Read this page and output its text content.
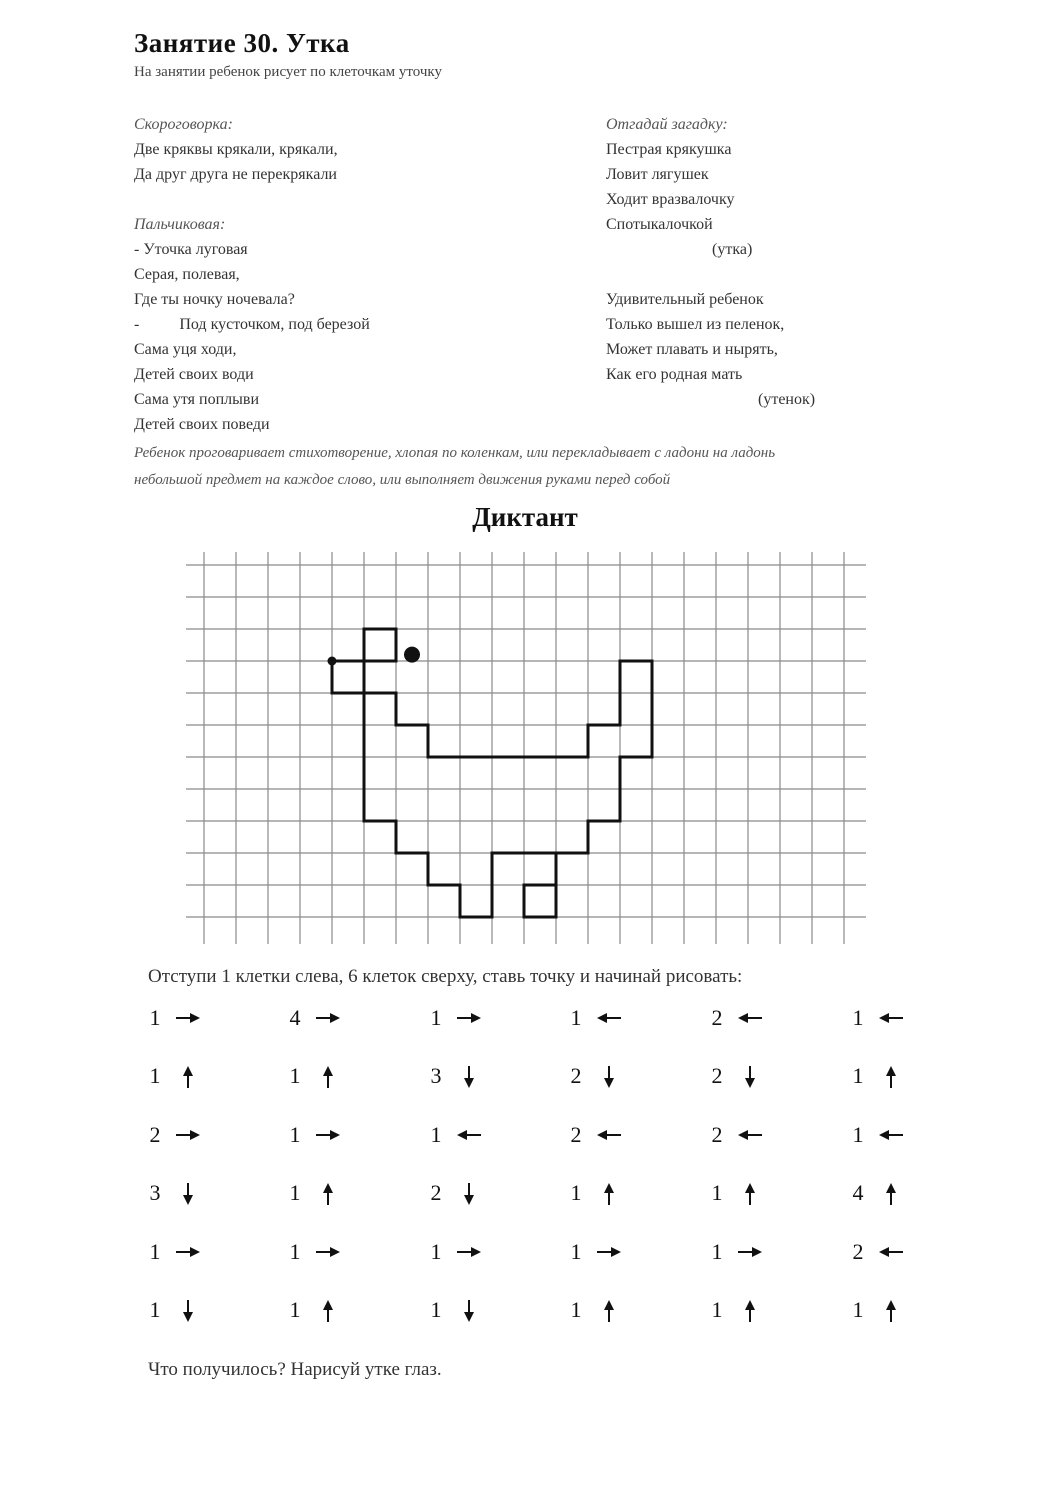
Занятие 30. Утка
На занятии ребенок рисует по клеточкам уточку
Скороговорка:
Две кряквы крякали, крякали,
Да друг друга не перекрякали
Пальчиковая:
- Уточка луговая
Серая, полевая,
Где ты ночку ночевала?
-          Под кусточком, под березой
Сама уця ходи,
Детей своих води
Сама утя поплыви
Детей своих поведи
Отгадай загадку:
Пестрая крякушка
Ловит лягушек
Ходит вразвалочку
Спотыкалочкой
(утка)
Удивительный ребенок
Только вышел из пеленок,
Может плавать и нырять,
Как его родная мать
(утенок)
Ребенок проговаривает стихотворение, хлопая по коленкам, или перекладывает с ладони на ладонь
небольшой предмет на каждое слово, или выполняет движения руками перед собой
Диктант
Отступи 1 клетки слева, 6 клеток сверху, ставь точку и начинай рисовать:
1	4	1	1	2	1
1	1	3	2	2	1
2	1	1	2	2	1
3	1	2	1	1	4
1	1	1	1	1	2
1	1	1	1	1	1
Что получилось? Нарисуй утке глаз.
